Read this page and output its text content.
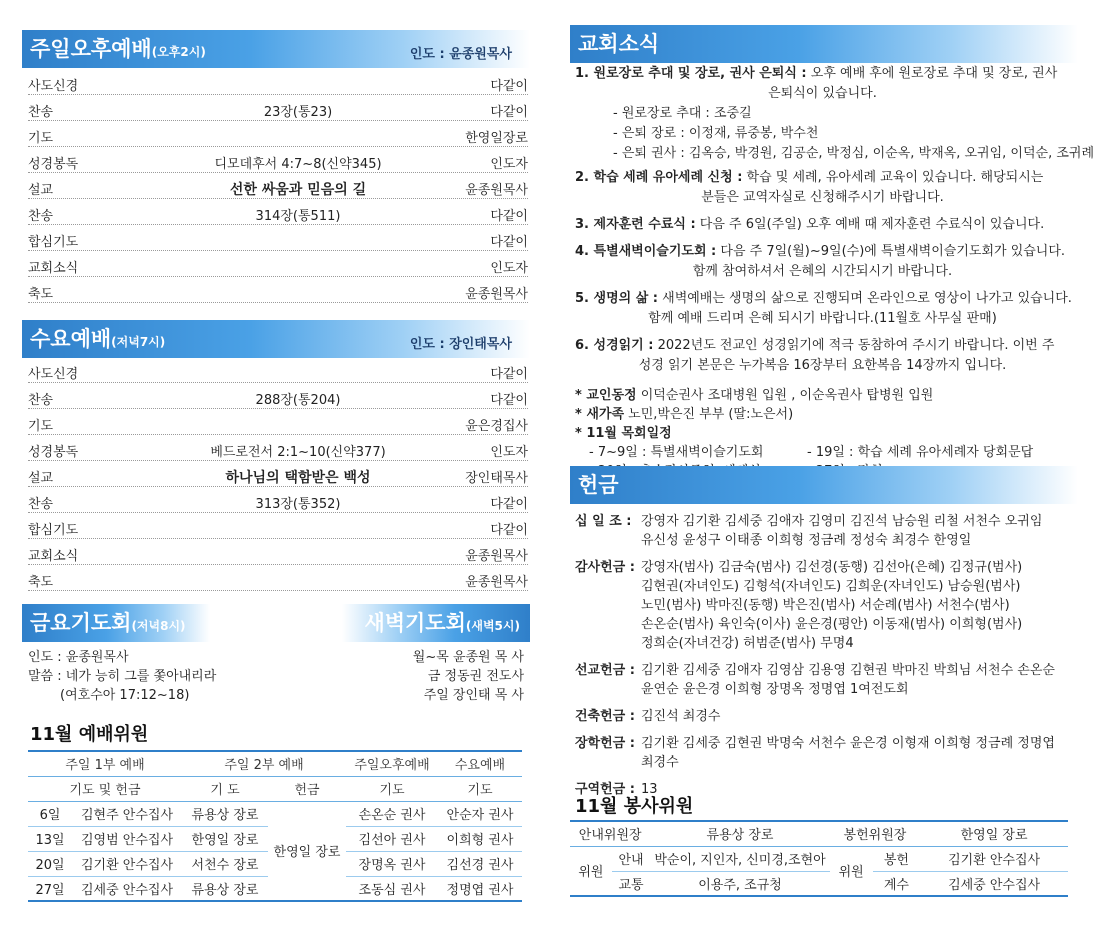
주일오후예배(오후2시)	인도 : 윤종원목사
사도신경	다같이
찬송	23장(통23)	다같이
기도	한영일장로
성경봉독	디모데후서 4:7~8(신약345)	인도자
설교	선한 싸움과 믿음의 길	윤종원목사
찬송	314장(통511)	다같이
합심기도	다같이
교회소식	인도자
축도	윤종원목사
수요예배(저녁7시)	인도 : 장인태목사
사도신경	다같이
찬송	288장(통204)	다같이
기도	윤은경집사
성경봉독	베드로전서 2:1~10(신약377)	인도자
설교	하나님의 택함받은 백성	장인태목사
찬송	313장(통352)	다같이
합심기도	다같이
교회소식	윤종원목사
축도	윤종원목사
금요기도회(저녁8시)
인도 : 윤종원목사
말씀 : 네가 능히 그를 쫓아내리라
(여호수아 17:12~18)
새벽기도회(새벽5시)
월~목 윤종원 목 사
금 정동권 전도사
주일 장인태 목 사
11월 예배위원
주일 1부 예배		주일 2부 예배		주일오후예배	수요예배
기도 및 헌금		기 도	헌금	기도	기도
6일	김현주 안수집사	류용상 장로	한영일 장로	손온순 권사	안순자 권사
13일	김영범 안수집사	한영일 장로		김선아 권사	이희형 권사
20일	김기환 안수집사	서천수 장로		장명옥 권사	김선경 권사
27일	김세중 안수집사	류용상 장로		조동심 권사	정명엽 권사
교회소식
1. 원로장로 추대 및 장로, 권사 은퇴식 : 오후 예배 후에 원로장로 추대 및 장로, 권사
은퇴식이 있습니다.
- 원로장로 추대 : 조중길
- 은퇴 장로 : 이정재, 류중봉, 박수천
- 은퇴 권사 : 김옥승, 박경원, 김공순, 박정심, 이순옥, 박재옥, 오귀임, 이덕순, 조귀례
2. 학습 세례 유아세례 신청 : 학습 및 세례, 유아세례 교육이 있습니다. 해당되시는
분들은 교역자실로 신청해주시기 바랍니다.
3. 제자훈련 수료식 : 다음 주 6일(주일) 오후 예배 때 제자훈련 수료식이 있습니다.
4. 특별새벽이슬기도회 : 다음 주 7일(월)~9일(수)에 특별새벽이슬기도회가 있습니다.
함께 참여하셔서 은혜의 시간되시기 바랍니다.
5. 생명의 삶 : 새벽예배는 생명의 삶으로 진행되며 온라인으로 영상이 나가고 있습니다.
함께 예배 드리며 은혜 되시기 바랍니다.(11월호 사무실 판매)
6. 성경읽기 : 2022년도 전교인 성경읽기에 적극 동참하여 주시기 바랍니다. 이번 주
성경 읽기 본문은 누가복음 16장부터 요한복음 14장까지 입니다.
* 교인동정 이덕순권사 조대병원 입원 , 이순옥권사 탑병원 입원
* 새가족 노민,박은진 부부 (딸:노은서)
* 11월 목회일정
- 7~9일 : 특별새벽이슬기도회	- 19일 : 학습 세례 유아세례자 당회문답
헌금
십 일 조 : 강영자 김기환 김세중 김애자 김영미 김진석 남승원 리철 서천수 오귀임
유신성 윤성구 이태종 이희형 정금례 정성숙 최경수 한영일
감사헌금 : 강영자(범사) 김금숙(범사) 김선경(동행) 김선아(은혜) 김정규(범사)
김현권(자녀인도) 김형석(자녀인도) 김희운(자녀인도) 남승원(범사)
노민(범사) 박마진(동행) 박은진(범사) 서순례(범사) 서천수(범사)
손온순(범사) 육인숙(이사) 윤은경(평안) 이동재(범사) 이희형(범사)
정희순(자녀건강) 허범준(범사) 무명4
선교헌금 : 김기환 김세중 김애자 김영삼 김용영 김현권 박마진 박희님 서천수 손온순
윤연순 윤은경 이희형 장명옥 정명엽 1여전도회
건축헌금 : 김진석 최경수
장학헌금 : 김기환 김세중 김현권 박명숙 서천수 윤은경 이형재 이희형 정금례 정명엽
최경수
구역헌금 : 13
11월 봉사위원
안내위원장		류용상 장로	봉헌위원장		한영일 장로
위원	안내	박순이, 지인자, 신미경,조현아	위원	봉헌	김기환 안수집사
	교통	이용주, 조규청		계수	김세중 안수집사
